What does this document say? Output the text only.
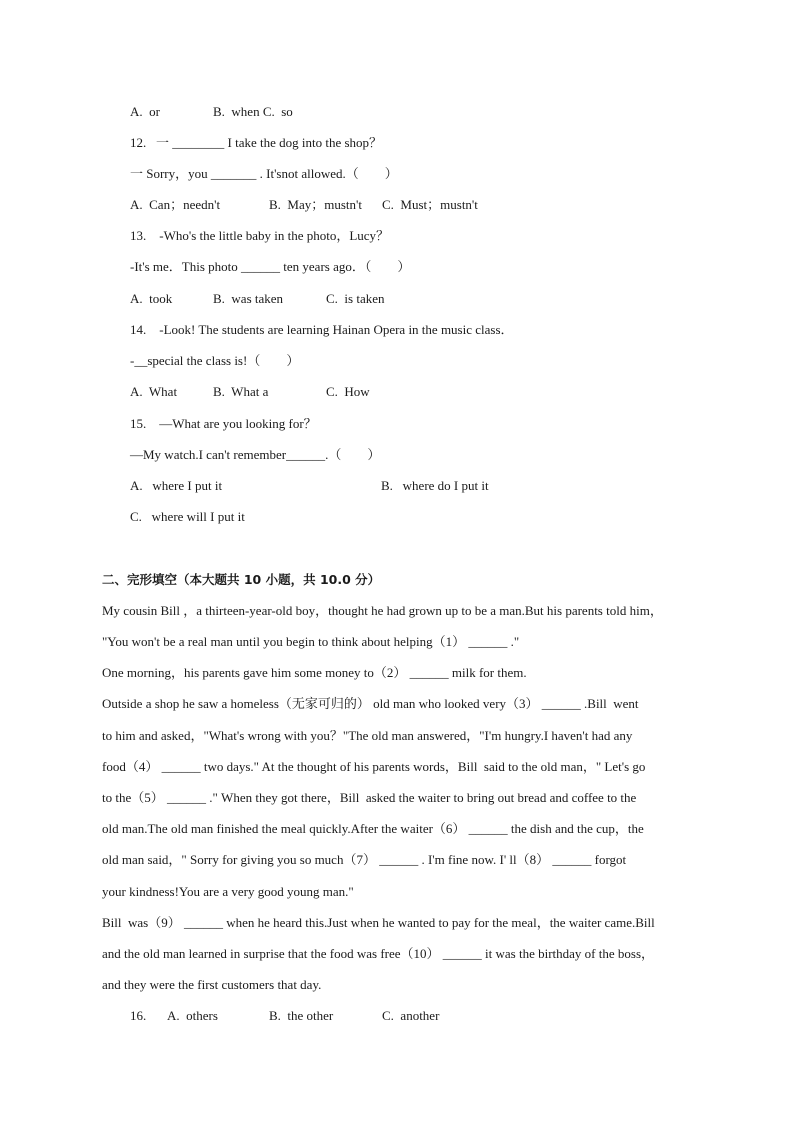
A.  or	B.  when C.  so

12.   一 ________ I take the dog into the shop？

一 Sorry，you _______ . It'snot allowed.（        ）

A.  Can；needn't	B.  May；mustn't C.  Must；mustn't

13.    -Who's the little baby in the photo，Lucy？

-It's me．This photo ______ ten years ago．（        ）

A.  took	B.  was taken	C.  is taken

14.    -Look! The students are learning Hainan Opera in the music class．

-__special the class is!（        ）

A.  What	B.  What a	C.  How

15.    —What are you looking for？

—My watch.I can't remember______.（        ）

A.   where I put it	B.   where do I put it

C.   where will I put it

二、完形填空（本大题共 10 小题，共 10.0 分）

My cousin Bill ，a thirteen-year-old boy，thought he had grown up to be a man.But his parents told him，

"You won't be a real man until you begin to think about helping（1） ______ ."

One morning，his parents gave him some money to（2） ______ milk for them.

Outside a shop he saw a homeless（无家可归的） old man who looked very（3） ______ .Bill  went

to him and asked，"What's wrong with you？"The old man answered，"I'm hungry.I haven't had any

food（4） ______ two days." At the thought of his parents words，Bill  said to the old man，" Let's go

to the（5） ______ ." When they got there，Bill  asked the waiter to bring out bread and coffee to the

old man.The old man finished the meal quickly.After the waiter（6） ______ the dish and the cup，the

old man said，" Sorry for giving you so much（7） ______ . I'm fine now. I' ll（8） ______ forgot

your kindness!You are a very good young man."

Bill  was（9） ______ when he heard this.Just when he wanted to pay for the meal，the waiter came.Bill

and the old man learned in surprise that the food was free（10） ______ it was the birthday of the boss，

and they were the first customers that day.

16. A.  others	B.  the other	C.  another
